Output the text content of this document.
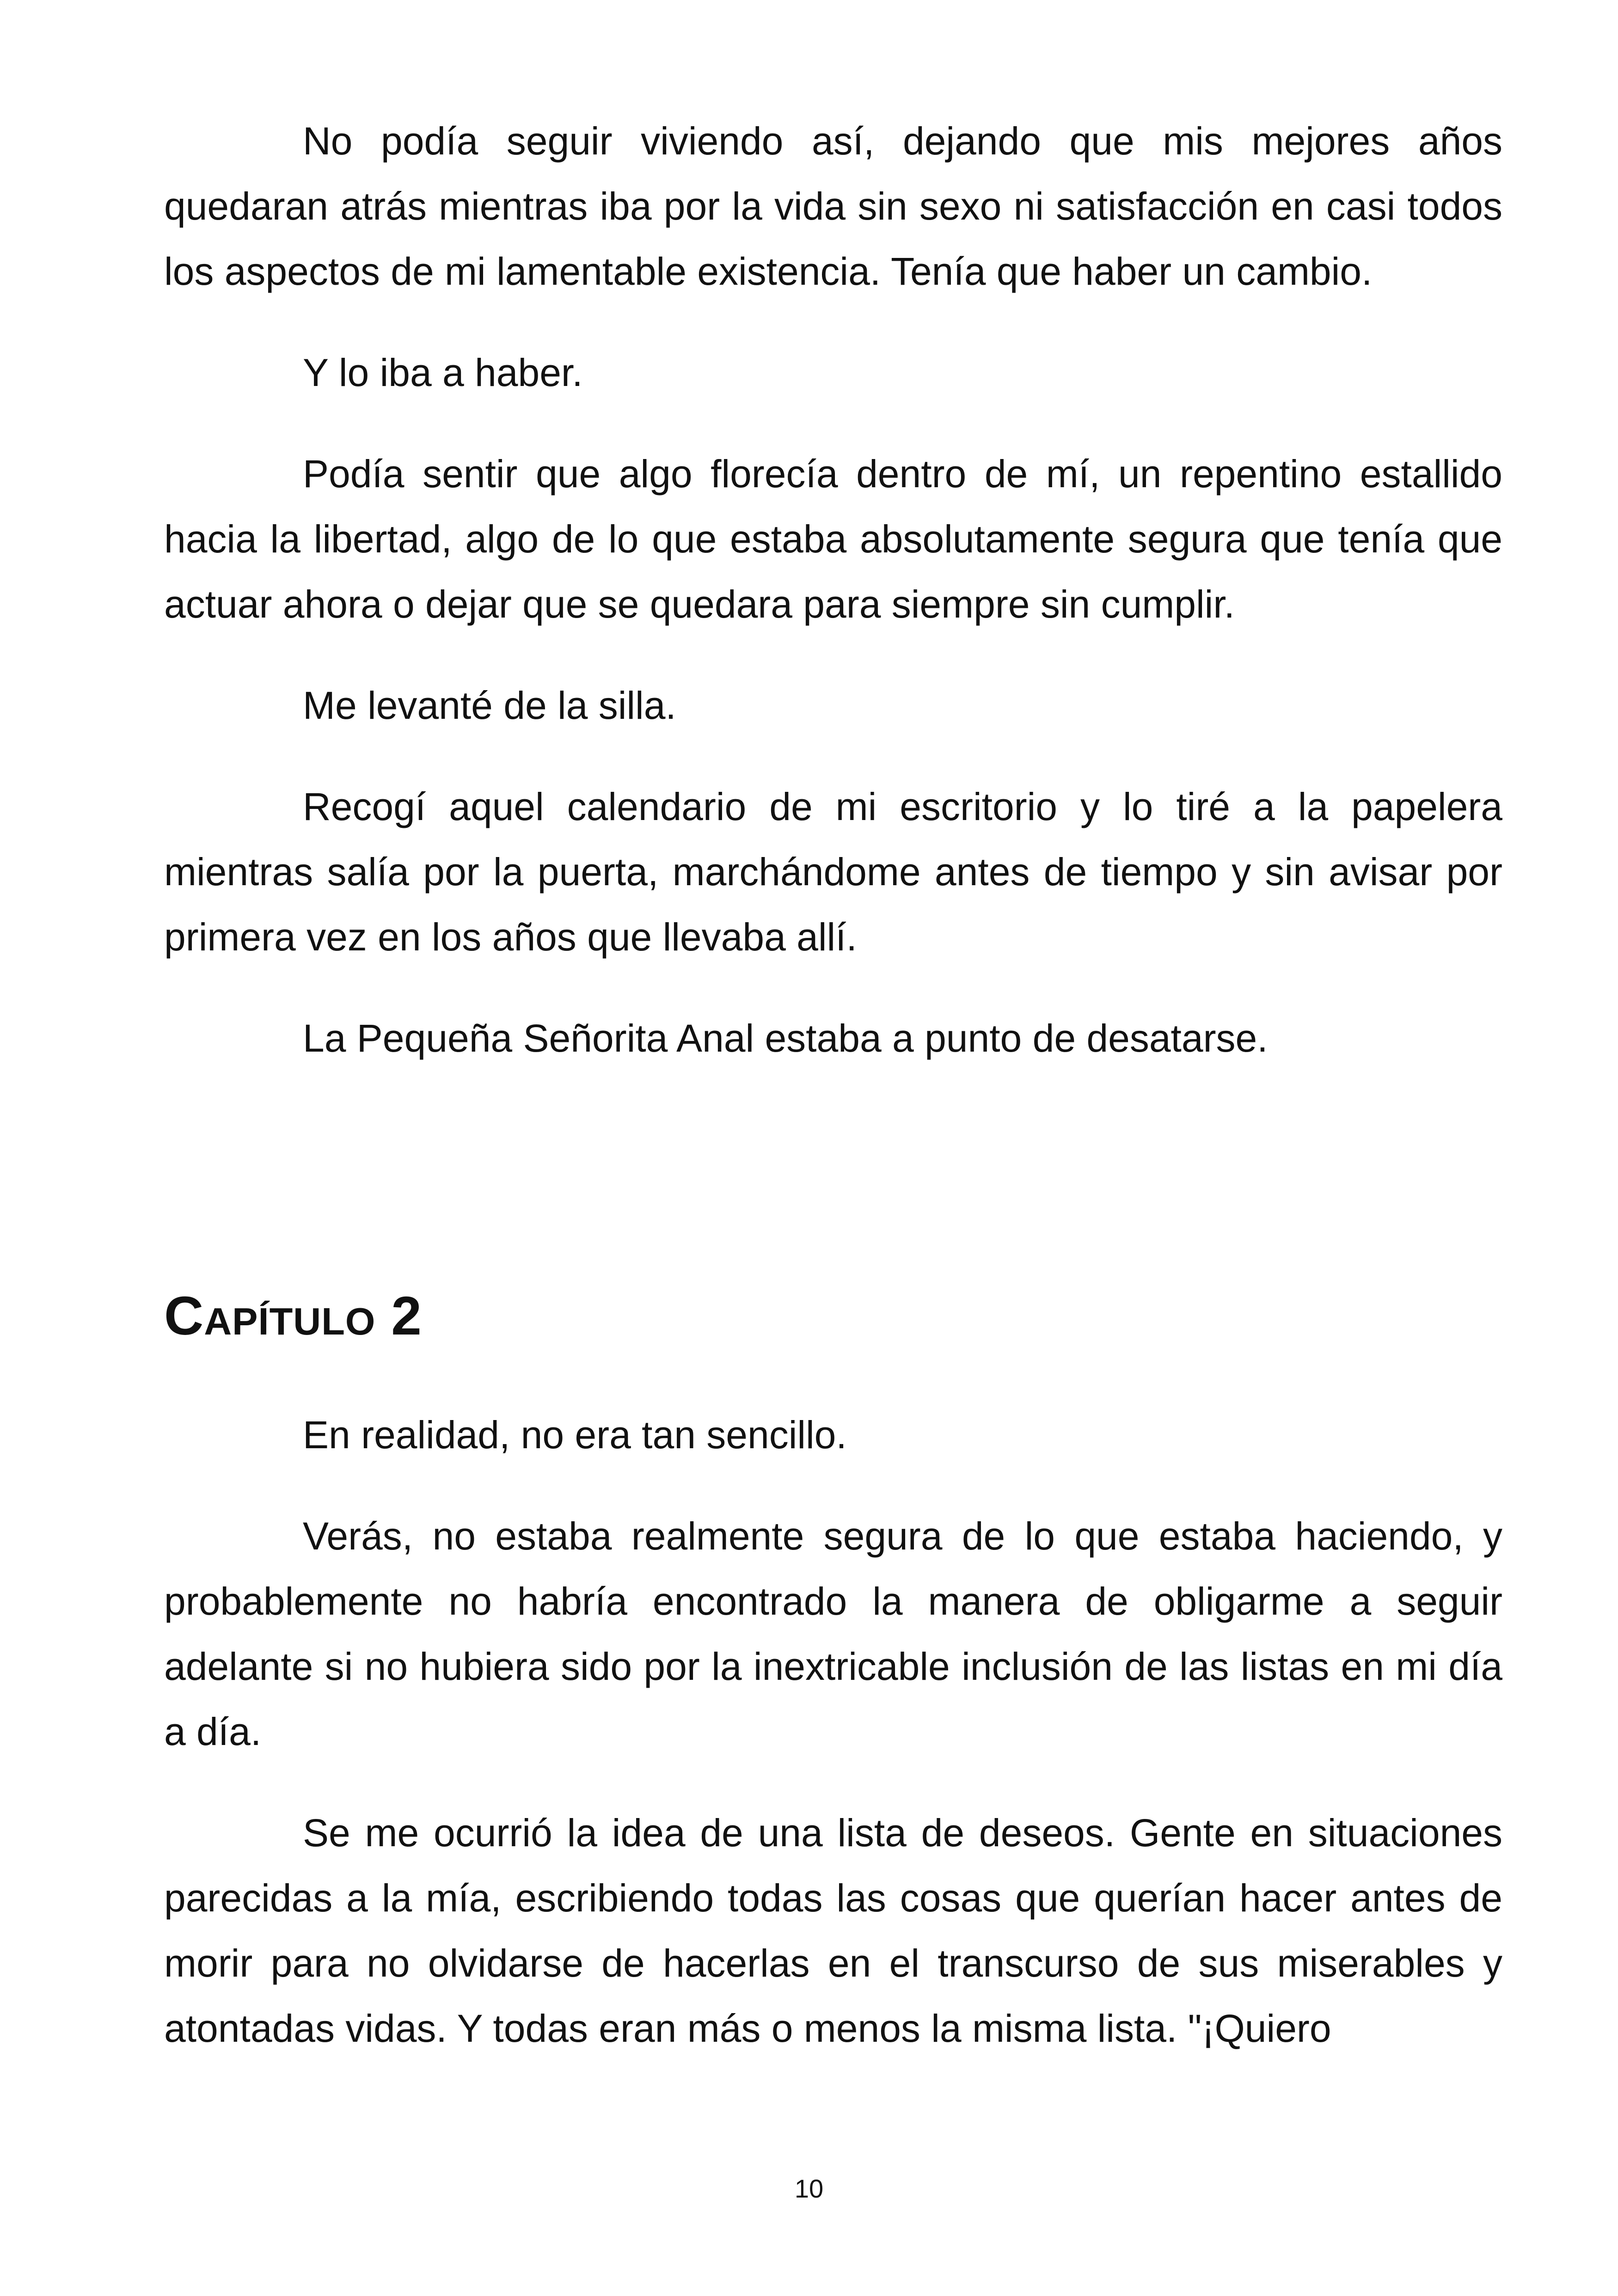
No podía seguir viviendo así, dejando que mis mejores años quedaran atrás mientras iba por la vida sin sexo ni satisfacción en casi todos los aspectos de mi lamentable existencia. Tenía que haber un cambio.

Y lo iba a haber.

Podía sentir que algo florecía dentro de mí, un repentino estallido hacia la libertad, algo de lo que estaba absolutamente segura que tenía que actuar ahora o dejar que se quedara para siempre sin cumplir.

Me levanté de la silla.

Recogí aquel calendario de mi escritorio y lo tiré a la papelera mientras salía por la puerta, marchándome antes de tiempo y sin avisar por primera vez en los años que llevaba allí.

La Pequeña Señorita Anal estaba a punto de desatarse.

Capítulo 2

En realidad, no era tan sencillo.

Verás, no estaba realmente segura de lo que estaba haciendo, y probablemente no habría encontrado la manera de obligarme a seguir adelante si no hubiera sido por la inextricable inclusión de las listas en mi día a día.

Se me ocurrió la idea de una lista de deseos. Gente en situaciones parecidas a la mía, escribiendo todas las cosas que querían hacer antes de morir para no olvidarse de hacerlas en el transcurso de sus miserables y atontadas vidas. Y todas eran más o menos la misma lista. "¡Quiero

10
